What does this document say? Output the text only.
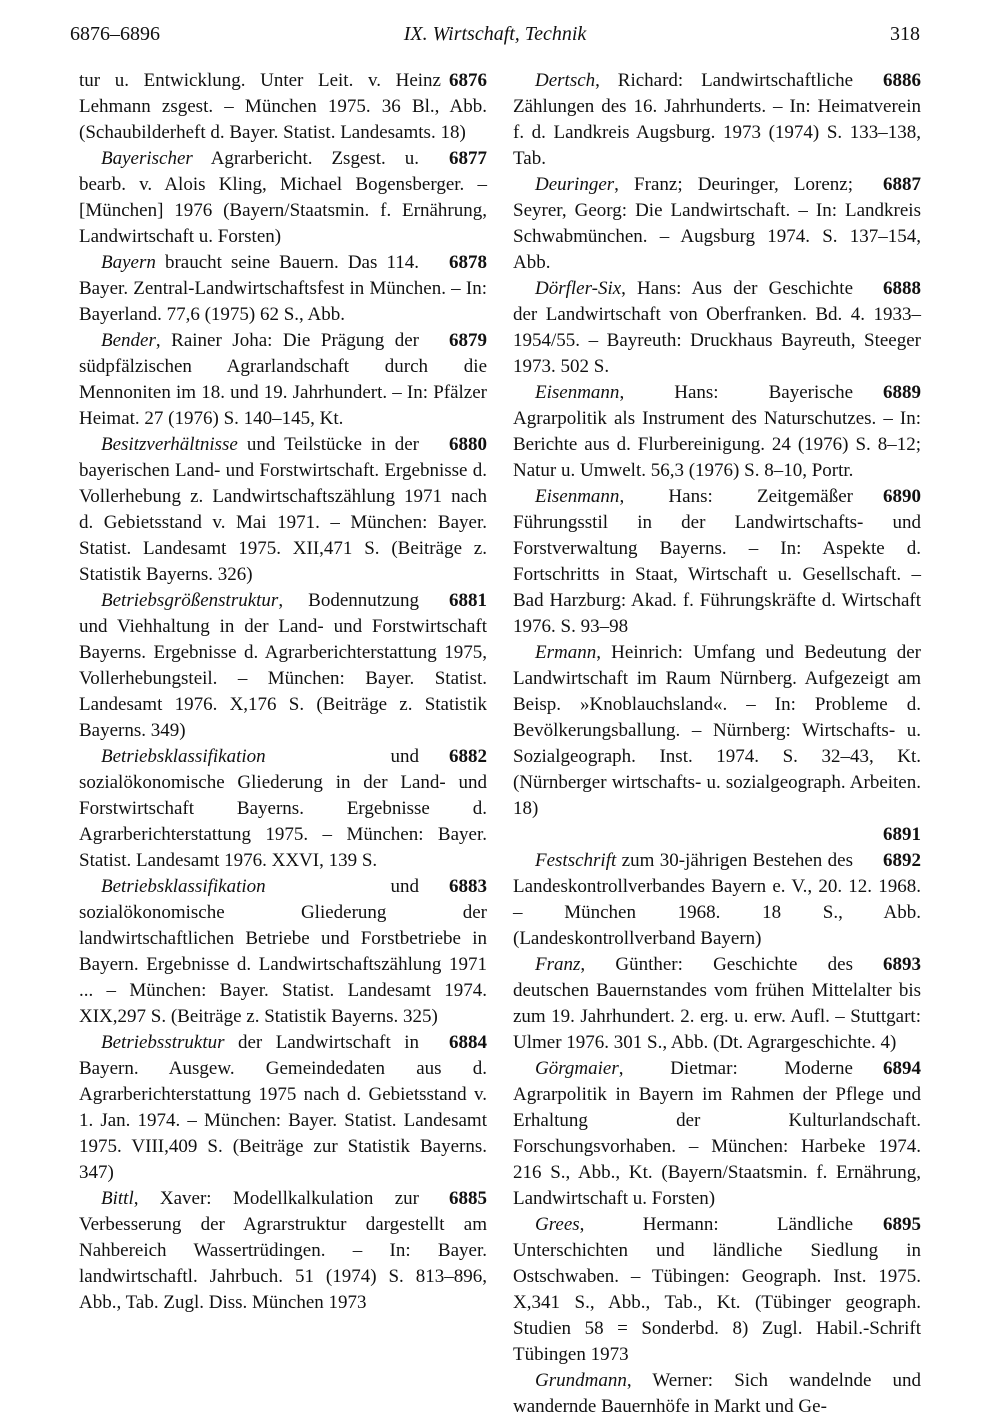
6876–6896	IX. Wirtschaft, Technik	318

6876
tur u. Entwicklung. Unter Leit. v. Heinz Lehmann zsgest. – München 1975. 36 Bl., Abb. (Schaubilderheft d. Bayer. Statist. Landesamts. 18)

6877
Bayerischer Agrarbericht. Zsgest. u. bearb. v. Alois Kling, Michael Bogensberger. – [München] 1976 (Bayern/Staatsmin. f. Ernährung, Landwirtschaft u. Forsten)

6878
Bayern braucht seine Bauern. Das 114. Bayer. Zentral-Landwirtschaftsfest in München. – In: Bayerland. 77,6 (1975) 62 S., Abb.

6879
Bender, Rainer Joha: Die Prägung der südpfälzischen Agrarlandschaft durch die Mennoniten im 18. und 19. Jahrhundert. – In: Pfälzer Heimat. 27 (1976) S. 140–145, Kt.

6880
Besitzverhältnisse und Teilstücke in der bayerischen Land- und Forstwirtschaft. Ergebnisse d. Vollerhebung z. Landwirtschaftszählung 1971 nach d. Gebietsstand v. Mai 1971. – München: Bayer. Statist. Landesamt 1975. XII,471 S. (Beiträge z. Statistik Bayerns. 326)

6881
Betriebsgrößenstruktur, Bodennutzung und Viehhaltung in der Land- und Forstwirtschaft Bayerns. Ergebnisse d. Agrarberichterstattung 1975, Vollerhebungsteil. – München: Bayer. Statist. Landesamt 1976. X,176 S. (Beiträge z. Statistik Bayerns. 349)

6882
Betriebsklassifikation und sozialökonomische Gliederung in der Land- und Forstwirtschaft Bayerns. Ergebnisse d. Agrarberichterstattung 1975. – München: Bayer. Statist. Landesamt 1976. XXVI, 139 S.

6883
Betriebsklassifikation und sozialökonomische Gliederung der landwirtschaftlichen Betriebe und Forstbetriebe in Bayern. Ergebnisse d. Landwirtschaftszählung 1971 ... – München: Bayer. Statist. Landesamt 1974. XIX,297 S. (Beiträge z. Statistik Bayerns. 325)

6884
Betriebsstruktur der Landwirtschaft in Bayern. Ausgew. Gemeindedaten aus d. Agrarberichterstattung 1975 nach d. Gebietsstand v. 1. Jan. 1974. – München: Bayer. Statist. Landesamt 1975. VIII,409 S. (Beiträge zur Statistik Bayerns. 347)

6885
Bittl, Xaver: Modellkalkulation zur Verbesserung der Agrarstruktur dargestellt am Nahbereich Wassertrüdingen. – In: Bayer. landwirtschaftl. Jahrbuch. 51 (1974) S. 813–896, Abb., Tab. Zugl. Diss. München 1973

6886
Dertsch, Richard: Landwirtschaftliche Zählungen des 16. Jahrhunderts. – In: Heimatverein f. d. Landkreis Augsburg. 1973 (1974) S. 133–138, Tab.

6887
Deuringer, Franz; Deuringer, Lorenz; Seyrer, Georg: Die Landwirtschaft. – In: Landkreis Schwabmünchen. – Augsburg 1974. S. 137–154, Abb.

6888
Dörfler-Six, Hans: Aus der Geschichte der Landwirtschaft von Oberfranken. Bd. 4. 1933–1954/55. – Bayreuth: Druckhaus Bayreuth, Steeger 1973. 502 S.

6889
Eisenmann, Hans: Bayerische Agrarpolitik als Instrument des Naturschutzes. – In: Berichte aus d. Flurbereinigung. 24 (1976) S. 8–12; Natur u. Umwelt. 56,3 (1976) S. 8–10, Portr.

6890
Eisenmann, Hans: Zeitgemäßer Führungsstil in der Landwirtschafts- und Forstverwaltung Bayerns. – In: Aspekte d. Fortschritts in Staat, Wirtschaft u. Gesellschaft. – Bad Harzburg: Akad. f. Führungskräfte d. Wirtschaft 1976. S. 93–98

Ermann, Heinrich: Umfang und Bedeutung der Landwirtschaft im Raum Nürnberg. Aufgezeigt am Beisp. »Knoblauchsland«. – In: Probleme d. Bevölkerungsballung. – Nürnberg: Wirtschafts- u. Sozialgeograph. Inst. 1974. S. 32–43, Kt. (Nürnberger wirtschafts- u. sozialgeograph. Arbeiten. 18)
6891

6892
Festschrift zum 30-jährigen Bestehen des Landeskontrollverbandes Bayern e. V., 20. 12. 1968. – München 1968. 18 S., Abb. (Landeskontrollverband Bayern)

6893
Franz, Günther: Geschichte des deutschen Bauernstandes vom frühen Mittelalter bis zum 19. Jahrhundert. 2. erg. u. erw. Aufl. – Stuttgart: Ulmer 1976. 301 S., Abb. (Dt. Agrargeschichte. 4)

6894
Görgmaier, Dietmar: Moderne Agrarpolitik in Bayern im Rahmen der Pflege und Erhaltung der Kulturlandschaft. Forschungsvorhaben. – München: Harbeke 1974. 216 S., Abb., Kt. (Bayern/Staatsmin. f. Ernährung, Landwirtschaft u. Forsten)

6895
Grees, Hermann: Ländliche Unterschichten und ländliche Siedlung in Ostschwaben. – Tübingen: Geograph. Inst. 1975. X,341 S., Abb., Tab., Kt. (Tübinger geograph. Studien 58 = Sonderbd. 8) Zugl. Habil.-Schrift Tübingen 1973

Grundmann, Werner: Sich wandelnde und wandernde Bauernhöfe in Markt und Ge-
